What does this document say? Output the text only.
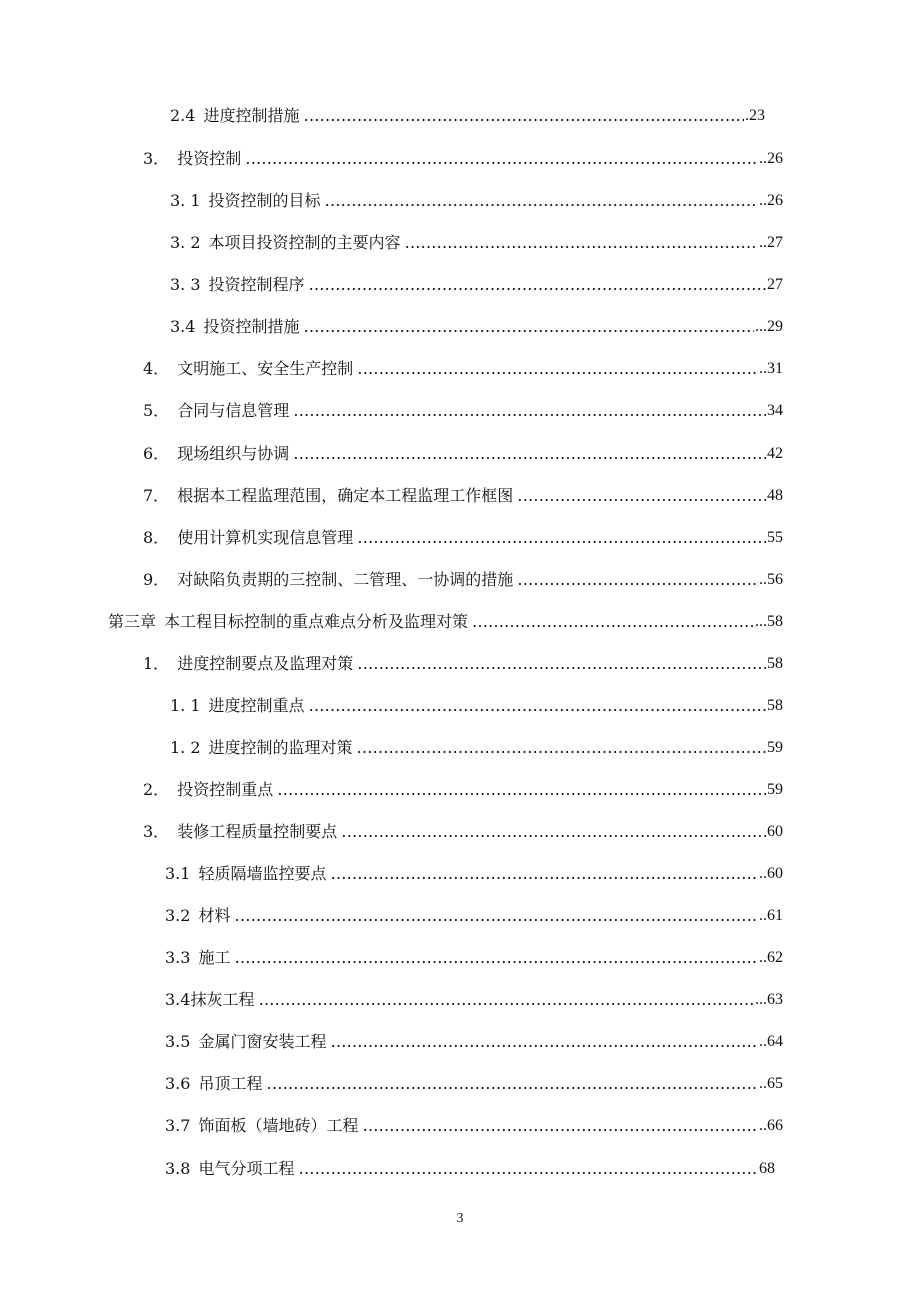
2.4 进度控制措施 ……………………………………………………………………………………………………………………………………………………………………………………………………………	.23
3． 投资控制 ……………………………………………………………………………………………………………………………………………………………………………………………………………	..26
3. 1 投资控制的目标 ……………………………………………………………………………………………………………………………………………………………………………………………………………	..26
3. 2 本项目投资控制的主要内容 ……………………………………………………………………………………………………………………………………………………………………………………………………………	..27
3. 3 投资控制程序 ……………………………………………………………………………………………………………………………………………………………………………………………………………	27
3.4 投资控制措施 ……………………………………………………………………………………………………………………………………………………………………………………………………………	...29
4． 文明施工、安全生产控制 ……………………………………………………………………………………………………………………………………………………………………………………………………………	..31
5． 合同与信息管理 ……………………………………………………………………………………………………………………………………………………………………………………………………………	34
6． 现场组织与协调 ……………………………………………………………………………………………………………………………………………………………………………………………………………	42
7． 根据本工程监理范围，确定本工程监理工作框图 ……………………………………………………………………………………………………………………………………………………………………………………………………………	48
8． 使用计算机实现信息管理 ……………………………………………………………………………………………………………………………………………………………………………………………………………	55
9． 对缺陷负责期的三控制、二管理、一协调的措施 ……………………………………………………………………………………………………………………………………………………………………………………………………………	..56
第三章 本工程目标控制的重点难点分析及监理对策 ……………………………………………………………………………………………………………………………………………………………………………………………………………	...58
1． 进度控制要点及监理对策 ……………………………………………………………………………………………………………………………………………………………………………………………………………	58
1. 1 进度控制重点 ……………………………………………………………………………………………………………………………………………………………………………………………………………	58
1. 2 进度控制的监理对策 ……………………………………………………………………………………………………………………………………………………………………………………………………………	59
2． 投资控制重点 ……………………………………………………………………………………………………………………………………………………………………………………………………………	59
3． 装修工程质量控制要点 ……………………………………………………………………………………………………………………………………………………………………………………………………………	60
3.1 轻质隔墙监控要点 ……………………………………………………………………………………………………………………………………………………………………………………………………………	..60
3.2 材料 ……………………………………………………………………………………………………………………………………………………………………………………………………………	..61
3.3 施工 ……………………………………………………………………………………………………………………………………………………………………………………………………………	..62
3.4 抹灰工程 ……………………………………………………………………………………………………………………………………………………………………………………………………………	...63
3.5 金属门窗安装工程 ……………………………………………………………………………………………………………………………………………………………………………………………………………	..64
3.6 吊顶工程 ……………………………………………………………………………………………………………………………………………………………………………………………………………	..65
3.7 饰面板（墙地砖）工程 ……………………………………………………………………………………………………………………………………………………………………………………………………………	..66
3.8 电气分项工程 ……………………………………………………………………………………………………………………………………………………………………………………………………………	68
3
